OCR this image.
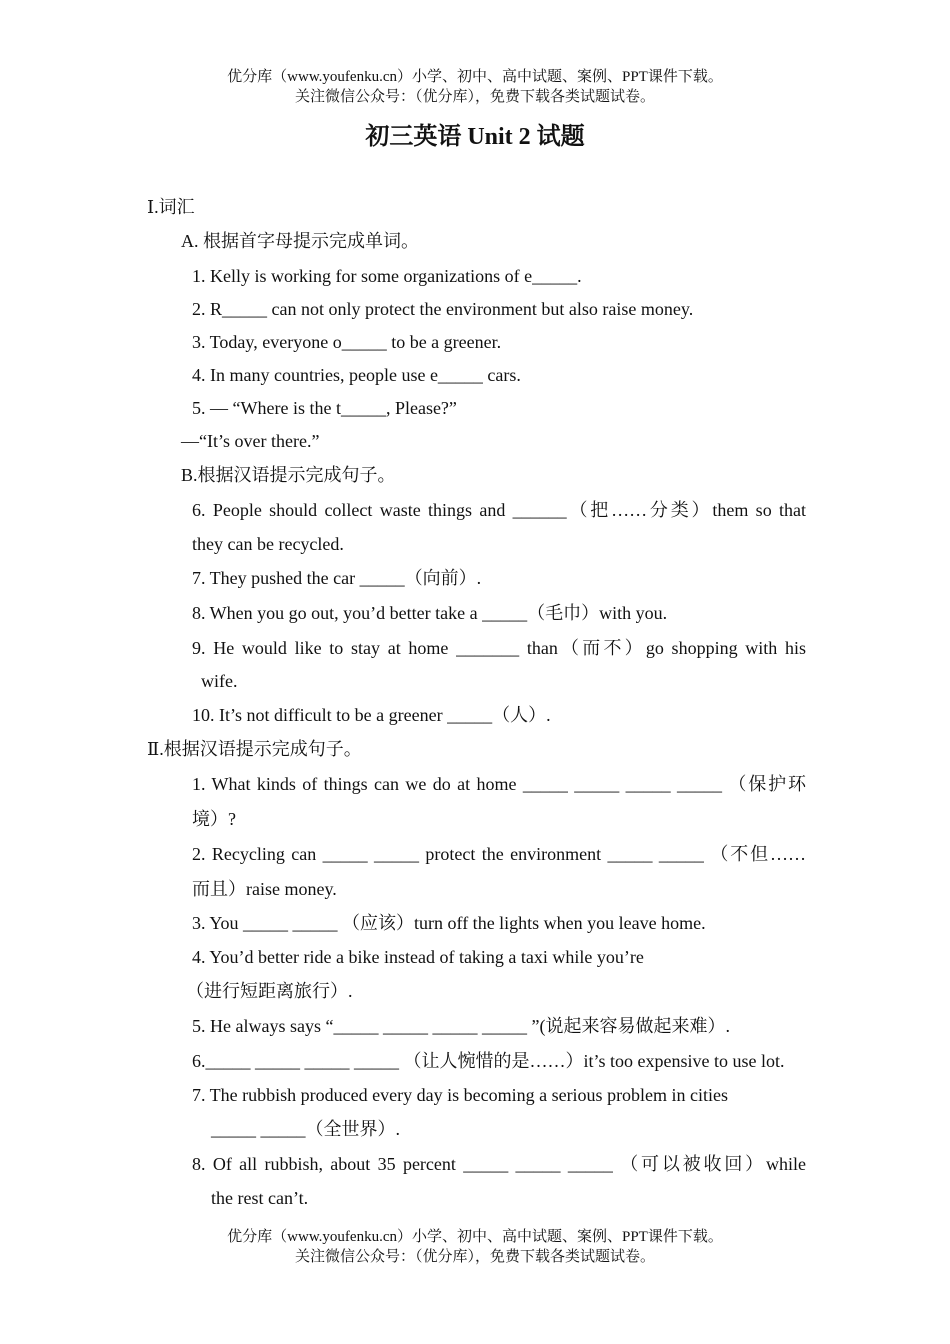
优分库（www.youfenku.cn）小学、初中、高中试题、案例、PPT课件下载。
关注微信公众号：（优分库），免费下载各类试题试卷。
初三英语 Unit 2 试题
Ⅰ.词汇
A. 根据首字母提示完成单词。
1. Kelly is working for some organizations of e_____.
2. R_____ can not only protect the environment but also raise money.
3. Today, everyone o_____ to be a greener.
4. In many countries, people use e_____ cars.
5. — “Where is the t_____, Please?”
—“It’s over there.”
B.根据汉语提示完成句子。
6. People should collect waste things and ______（把……分类）them so that
they can be recycled.
7. They pushed the car _____（向前）.
8. When you go out, you’d better take a _____（毛巾）with you.
9. He would like to stay at home _______ than（而不）go shopping with his
wife.
10. It’s not difficult to be a greener _____（人）.
Ⅱ.根据汉语提示完成句子。
1. What kinds of things can we do at home _____ _____ _____ _____ （保护环
境）?
2. Recycling can _____ _____ protect the environment _____ _____ （不但……
而且）raise money.
3. You _____ _____ （应该）turn off the lights when you leave home.
4. You’d better ride a bike instead of taking a taxi while you’re
（进行短距离旅行）.
5. He always says “_____ _____ _____ _____ ”(说起来容易做起来难）.
6._____ _____ _____ _____ （让人惋惜的是……）it’s too expensive to use lot.
7. The rubbish produced every day is becoming a serious problem in cities
_____ _____（全世界）.
8. Of all rubbish, about 35 percent _____ _____ _____ （可以被收回）while
the rest can’t.
优分库（www.youfenku.cn）小学、初中、高中试题、案例、PPT课件下载。
关注微信公众号：（优分库），免费下载各类试题试卷。
